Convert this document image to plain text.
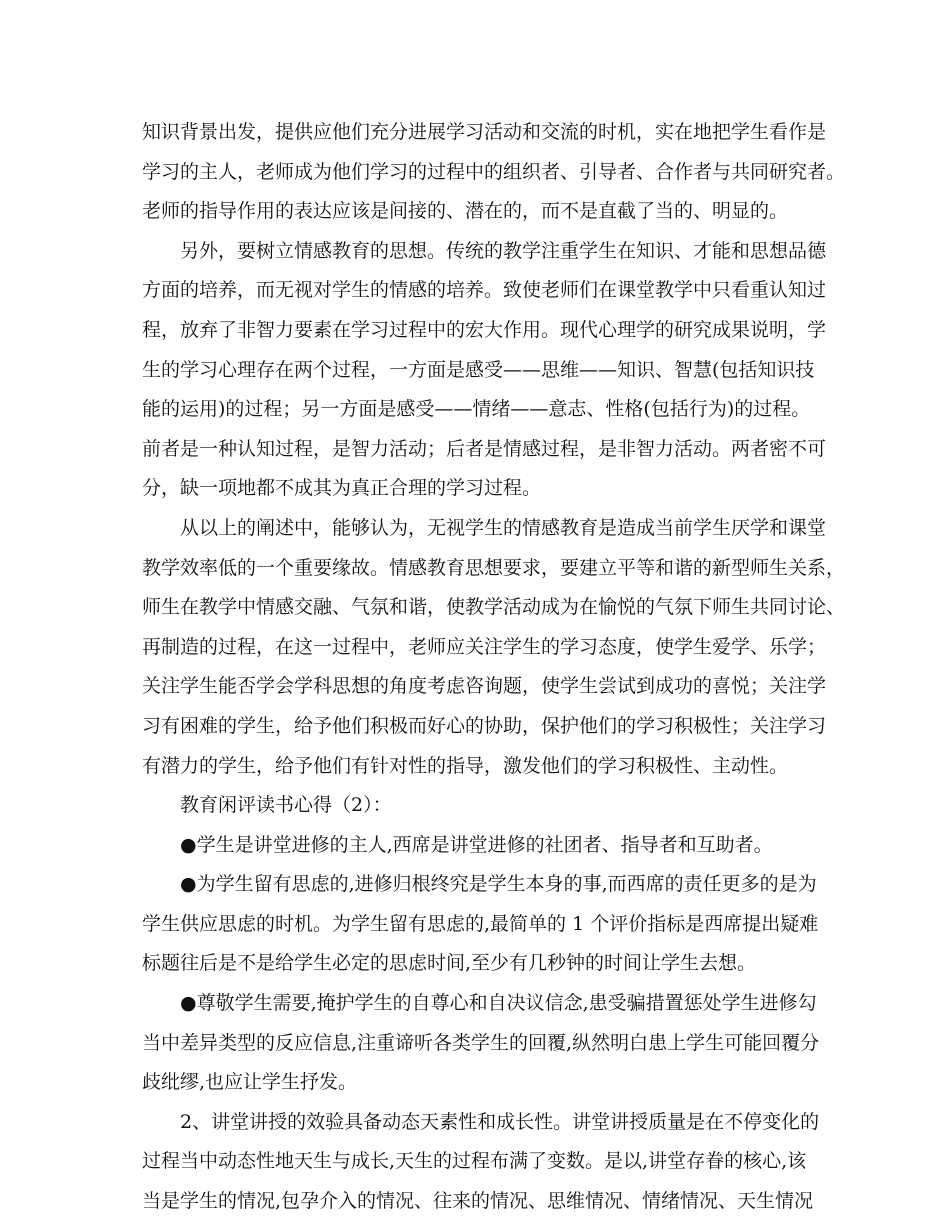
知识背景出发，提供应他们充分进展学习活动和交流的时机，实在地把学生看作是
学习的主人，老师成为他们学习的过程中的组织者、引导者、合作者与共同研究者。
老师的指导作用的表达应该是间接的、潜在的，而不是直截了当的、明显的。
另外，要树立情感教育的思想。传统的教学注重学生在知识、才能和思想品德
方面的培养，而无视对学生的情感的培养。致使老师们在课堂教学中只看重认知过
程，放弃了非智力要素在学习过程中的宏大作用。现代心理学的研究成果说明，学
生的学习心理存在两个过程，一方面是感受——思维——知识、智慧(包括知识技
能的运用)的过程；另一方面是感受——情绪——意志、性格(包括行为)的过程。
前者是一种认知过程，是智力活动；后者是情感过程，是非智力活动。两者密不可
分，缺一项地都不成其为真正合理的学习过程。
从以上的阐述中，能够认为，无视学生的情感教育是造成当前学生厌学和课堂
教学效率低的一个重要缘故。情感教育思想要求，要建立平等和谐的新型师生关系，
师生在教学中情感交融、气氛和谐，使教学活动成为在愉悦的气氛下师生共同讨论、
再制造的过程，在这一过程中，老师应关注学生的学习态度，使学生爱学、乐学；
关注学生能否学会学科思想的角度考虑咨询题，使学生尝试到成功的喜悦；关注学
习有困难的学生，给予他们积极而好心的协助，保护他们的学习积极性；关注学习
有潜力的学生，给予他们有针对性的指导，激发他们的学习积极性、主动性。
教育闲评读书心得（2）：
●学生是讲堂进修的主人,西席是讲堂进修的社团者、指导者和互助者。
●为学生留有思虑的,进修归根终究是学生本身的事,而西席的责任更多的是为
学生供应思虑的时机。为学生留有思虑的,最简单的 1 个评价指标是西席提出疑难
标题往后是不是给学生必定的思虑时间,至少有几秒钟的时间让学生去想。
●尊敬学生需要,掩护学生的自尊心和自决议信念,患受骗措置惩处学生进修勾
当中差异类型的反应信息,注重谛听各类学生的回覆,纵然明白患上学生可能回覆分
歧纰缪,也应让学生抒发。
2、讲堂讲授的效验具备动态天素性和成长性。讲堂讲授质量是在不停变化的
过程当中动态性地天生与成长,天生的过程布满了变数。是以,讲堂存眷的核心,该
当是学生的情况,包孕介入的情况、往来的情况、思维情况、情绪情况、天生情况
